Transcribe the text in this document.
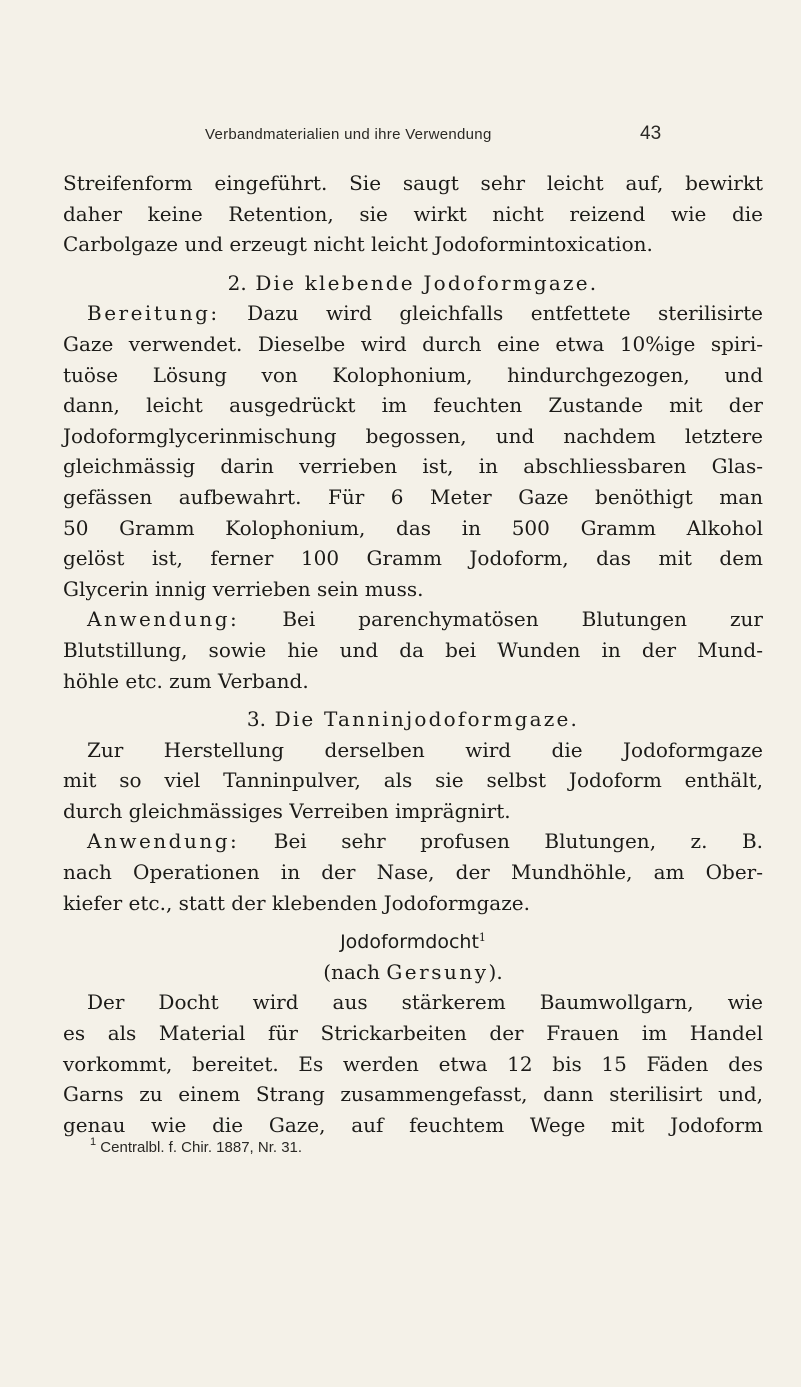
Verbandmaterialien und ihre Verwendung	43
Streifenform eingeführt. Sie saugt sehr leicht auf, bewirkt
daher keine Retention, sie wirkt nicht reizend wie die
Carbolgaze und erzeugt nicht leicht Jodoformintoxication.
2. Die klebende Jodoformgaze.
Bereitung: Dazu wird gleichfalls entfettete sterilisirte
Gaze verwendet. Dieselbe wird durch eine etwa 10%ige spiri-
tuöse Lösung von Kolophonium, hindurchgezogen, und
dann, leicht ausgedrückt im feuchten Zustande mit der
Jodoformglycerinmischung begossen, und nachdem letztere
gleichmässig darin verrieben ist, in abschliessbaren Glas-
gefässen aufbewahrt. Für 6 Meter Gaze benöthigt man
50 Gramm Kolophonium, das in 500 Gramm Alkohol
gelöst ist, ferner 100 Gramm Jodoform, das mit dem
Glycerin innig verrieben sein muss.
Anwendung: Bei parenchymatösen Blutungen zur
Blutstillung, sowie hie und da bei Wunden in der Mund-
höhle etc. zum Verband.
3. Die Tanninjodoformgaze.
Zur Herstellung derselben wird die Jodoformgaze
mit so viel Tanninpulver, als sie selbst Jodoform enthält,
durch gleichmässiges Verreiben imprägnirt.
Anwendung: Bei sehr profusen Blutungen, z. B.
nach Operationen in der Nase, der Mundhöhle, am Ober-
kiefer etc., statt der klebenden Jodoformgaze.
Jodoformdocht$^1$
(nach Gersuny).
Der Docht wird aus stärkerem Baumwollgarn, wie
es als Material für Strickarbeiten der Frauen im Handel
vorkommt, bereitet. Es werden etwa 12 bis 15 Fäden des
Garns zu einem Strang zusammengefasst, dann sterilisirt und,
genau wie die Gaze, auf feuchtem Wege mit Jodoform
$^1$ Centralbl. f. Chir. 1887, Nr. 31.
